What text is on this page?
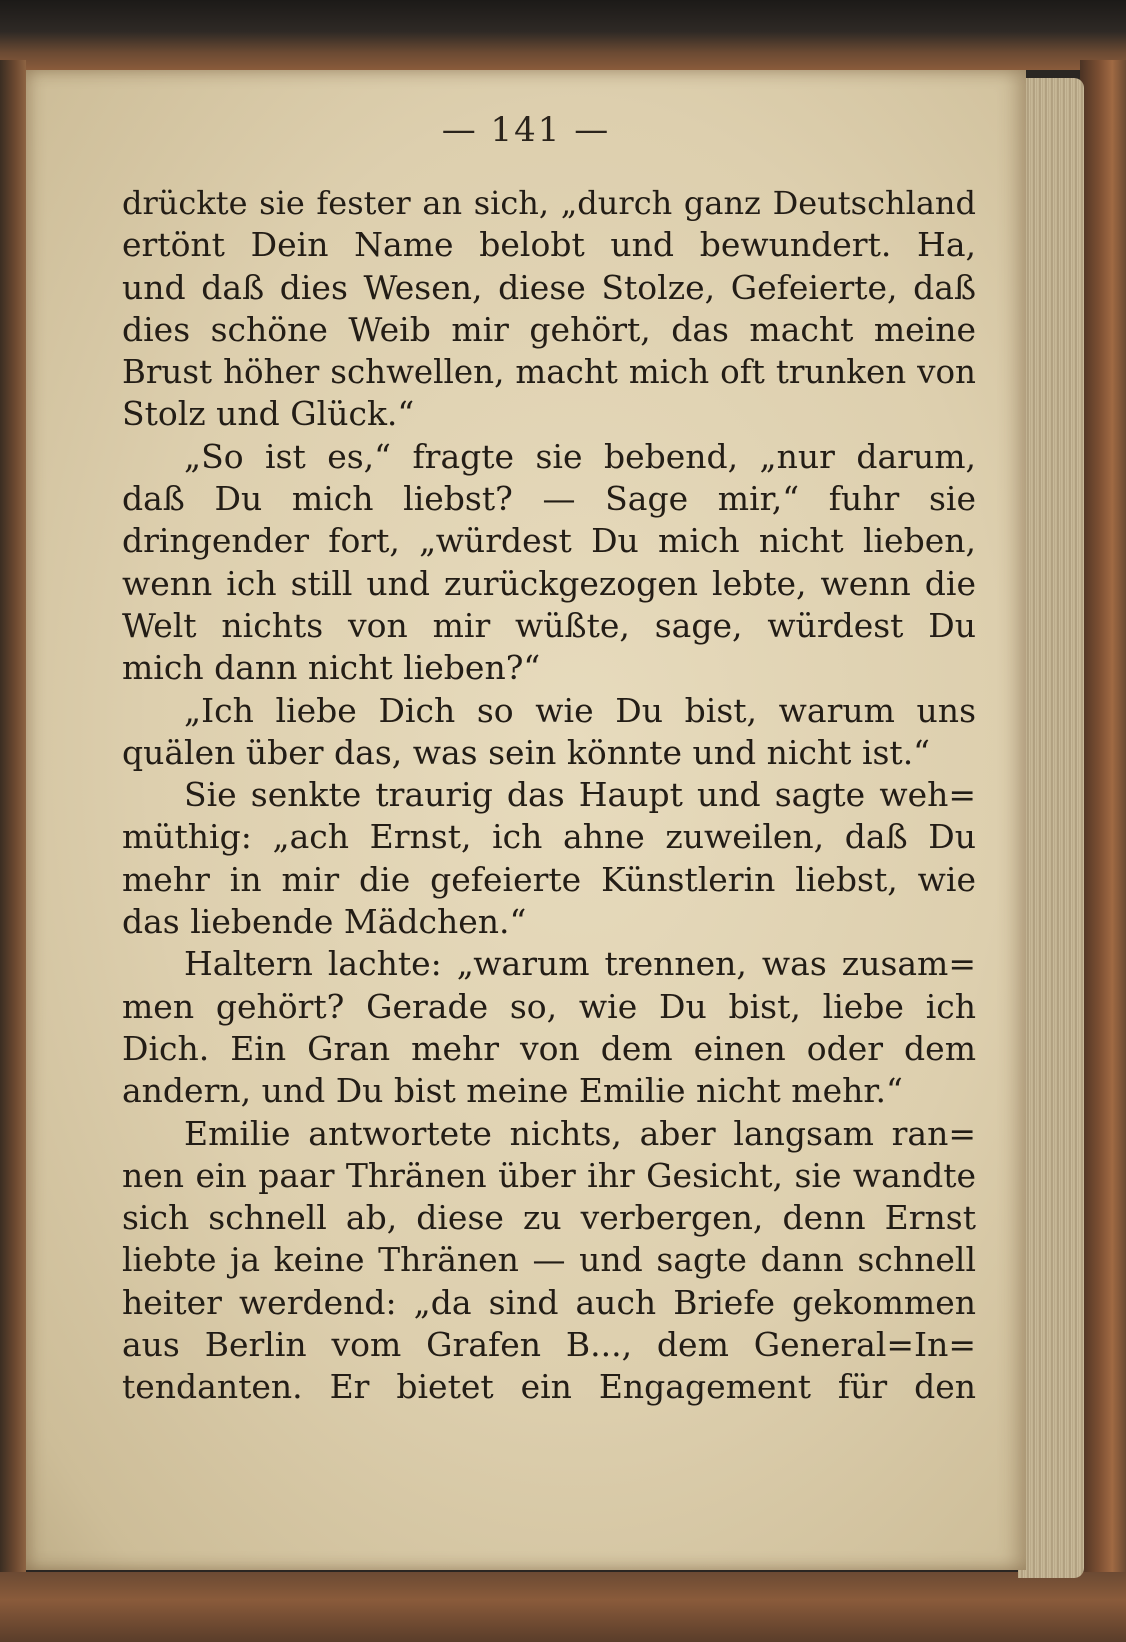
— 141 —
drückte sie fester an sich, „durch ganz Deutschland
ertönt Dein Name belobt und bewundert. Ha,
und daß dies Wesen, diese Stolze, Gefeierte, daß
dies schöne Weib mir gehört, das macht meine
Brust höher schwellen, macht mich oft trunken von
Stolz und Glück.“
„So ist es,“ fragte sie bebend, „nur darum,
daß Du mich liebst? — Sage mir,“ fuhr sie
dringender fort, „würdest Du mich nicht lieben,
wenn ich still und zurückgezogen lebte, wenn die
Welt nichts von mir wüßte, sage, würdest Du
mich dann nicht lieben?“
„Ich liebe Dich so wie Du bist, warum uns
quälen über das, was sein könnte und nicht ist.“
Sie senkte traurig das Haupt und sagte weh=
müthig: „ach Ernst, ich ahne zuweilen, daß Du
mehr in mir die gefeierte Künstlerin liebst, wie
das liebende Mädchen.“
Haltern lachte: „warum trennen, was zusam=
men gehört? Gerade so, wie Du bist, liebe ich
Dich. Ein Gran mehr von dem einen oder dem
andern, und Du bist meine Emilie nicht mehr.“
Emilie antwortete nichts, aber langsam ran=
nen ein paar Thränen über ihr Gesicht, sie wandte
sich schnell ab, diese zu verbergen, denn Ernst
liebte ja keine Thränen — und sagte dann schnell
heiter werdend: „da sind auch Briefe gekommen
aus Berlin vom Grafen B..., dem General=In=
tendanten. Er bietet ein Engagement für den
